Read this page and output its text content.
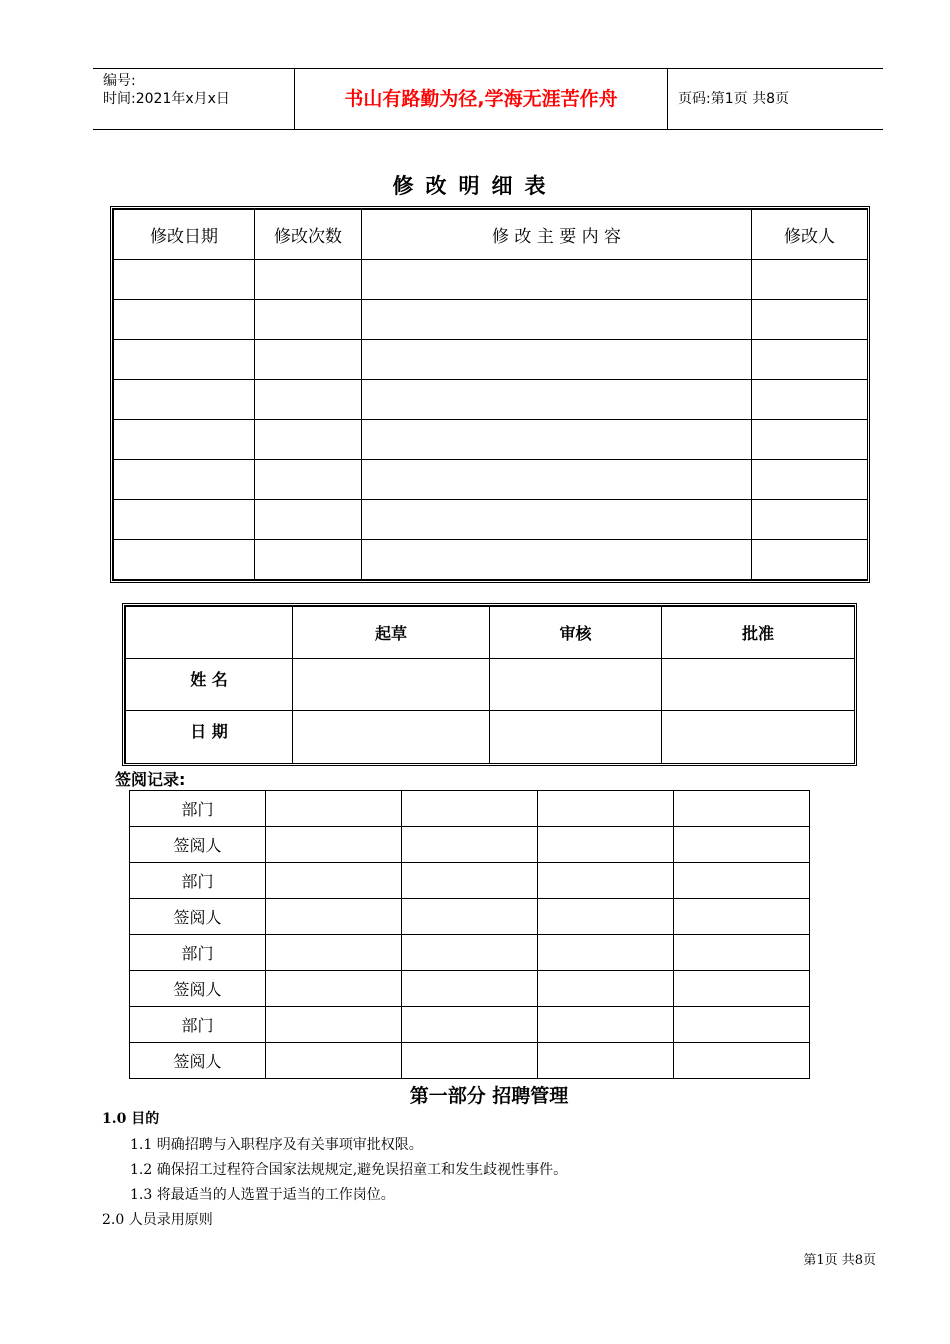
编号:
时间:2021年x月x日	书山有路勤为径,学海无涯苦作舟	页码:第1页 共8页
修改明细表
修改日期	修改次数	修 改 主 要 内 容	修改人

	起草	审核	批准
姓 名			
日 期			
签阅记录:
部门				
签阅人				
部门				
签阅人				
部门				
签阅人				
部门				
签阅人				
第一部分 招聘管理
1.0 目的
1.1 明确招聘与入职程序及有关事项审批权限。
1.2 确保招工过程符合国家法规规定,避免误招童工和发生歧视性事件。
1.3 将最适当的人选置于适当的工作岗位。
2.0 人员录用原则
第1页 共8页
